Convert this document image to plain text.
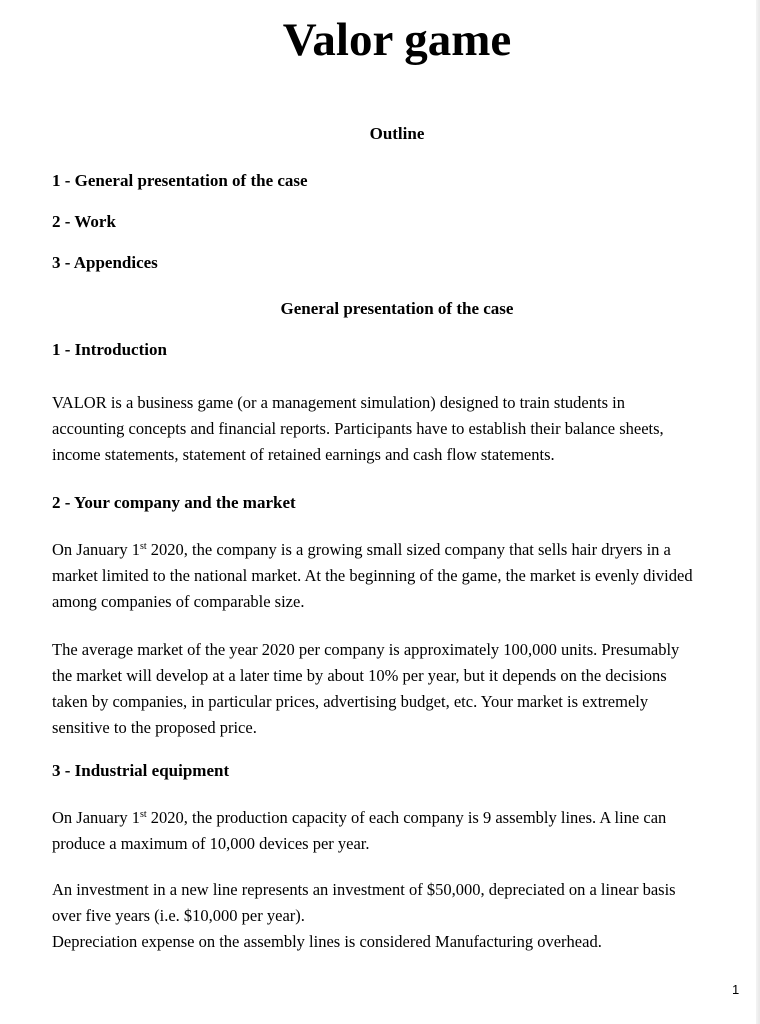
Valor game
Outline
1 - General presentation of the case
2 - Work
3 - Appendices
General presentation of the case
1 - Introduction
VALOR is a business game (or a management simulation) designed to train students in
accounting concepts and financial reports. Participants have to establish their balance sheets,
income statements, statement of retained earnings and cash flow statements.
2 - Your company and the market
On January 1st 2020, the company is a growing small sized company that sells hair dryers in a
market limited to the national market. At the beginning of the game, the market is evenly divided
among companies of comparable size.
The average market of the year 2020 per company is approximately 100,000 units. Presumably
the market will develop at a later time by about 10% per year, but it depends on the decisions
taken by companies, in particular prices, advertising budget, etc. Your market is extremely
sensitive to the proposed price.
3 - Industrial equipment
On January 1st 2020, the production capacity of each company is 9 assembly lines. A line can
produce a maximum of 10,000 devices per year.
An investment in a new line represents an investment of $50,000, depreciated on a linear basis
over five years (i.e. $10,000 per year).
Depreciation expense on the assembly lines is considered Manufacturing overhead.
1
